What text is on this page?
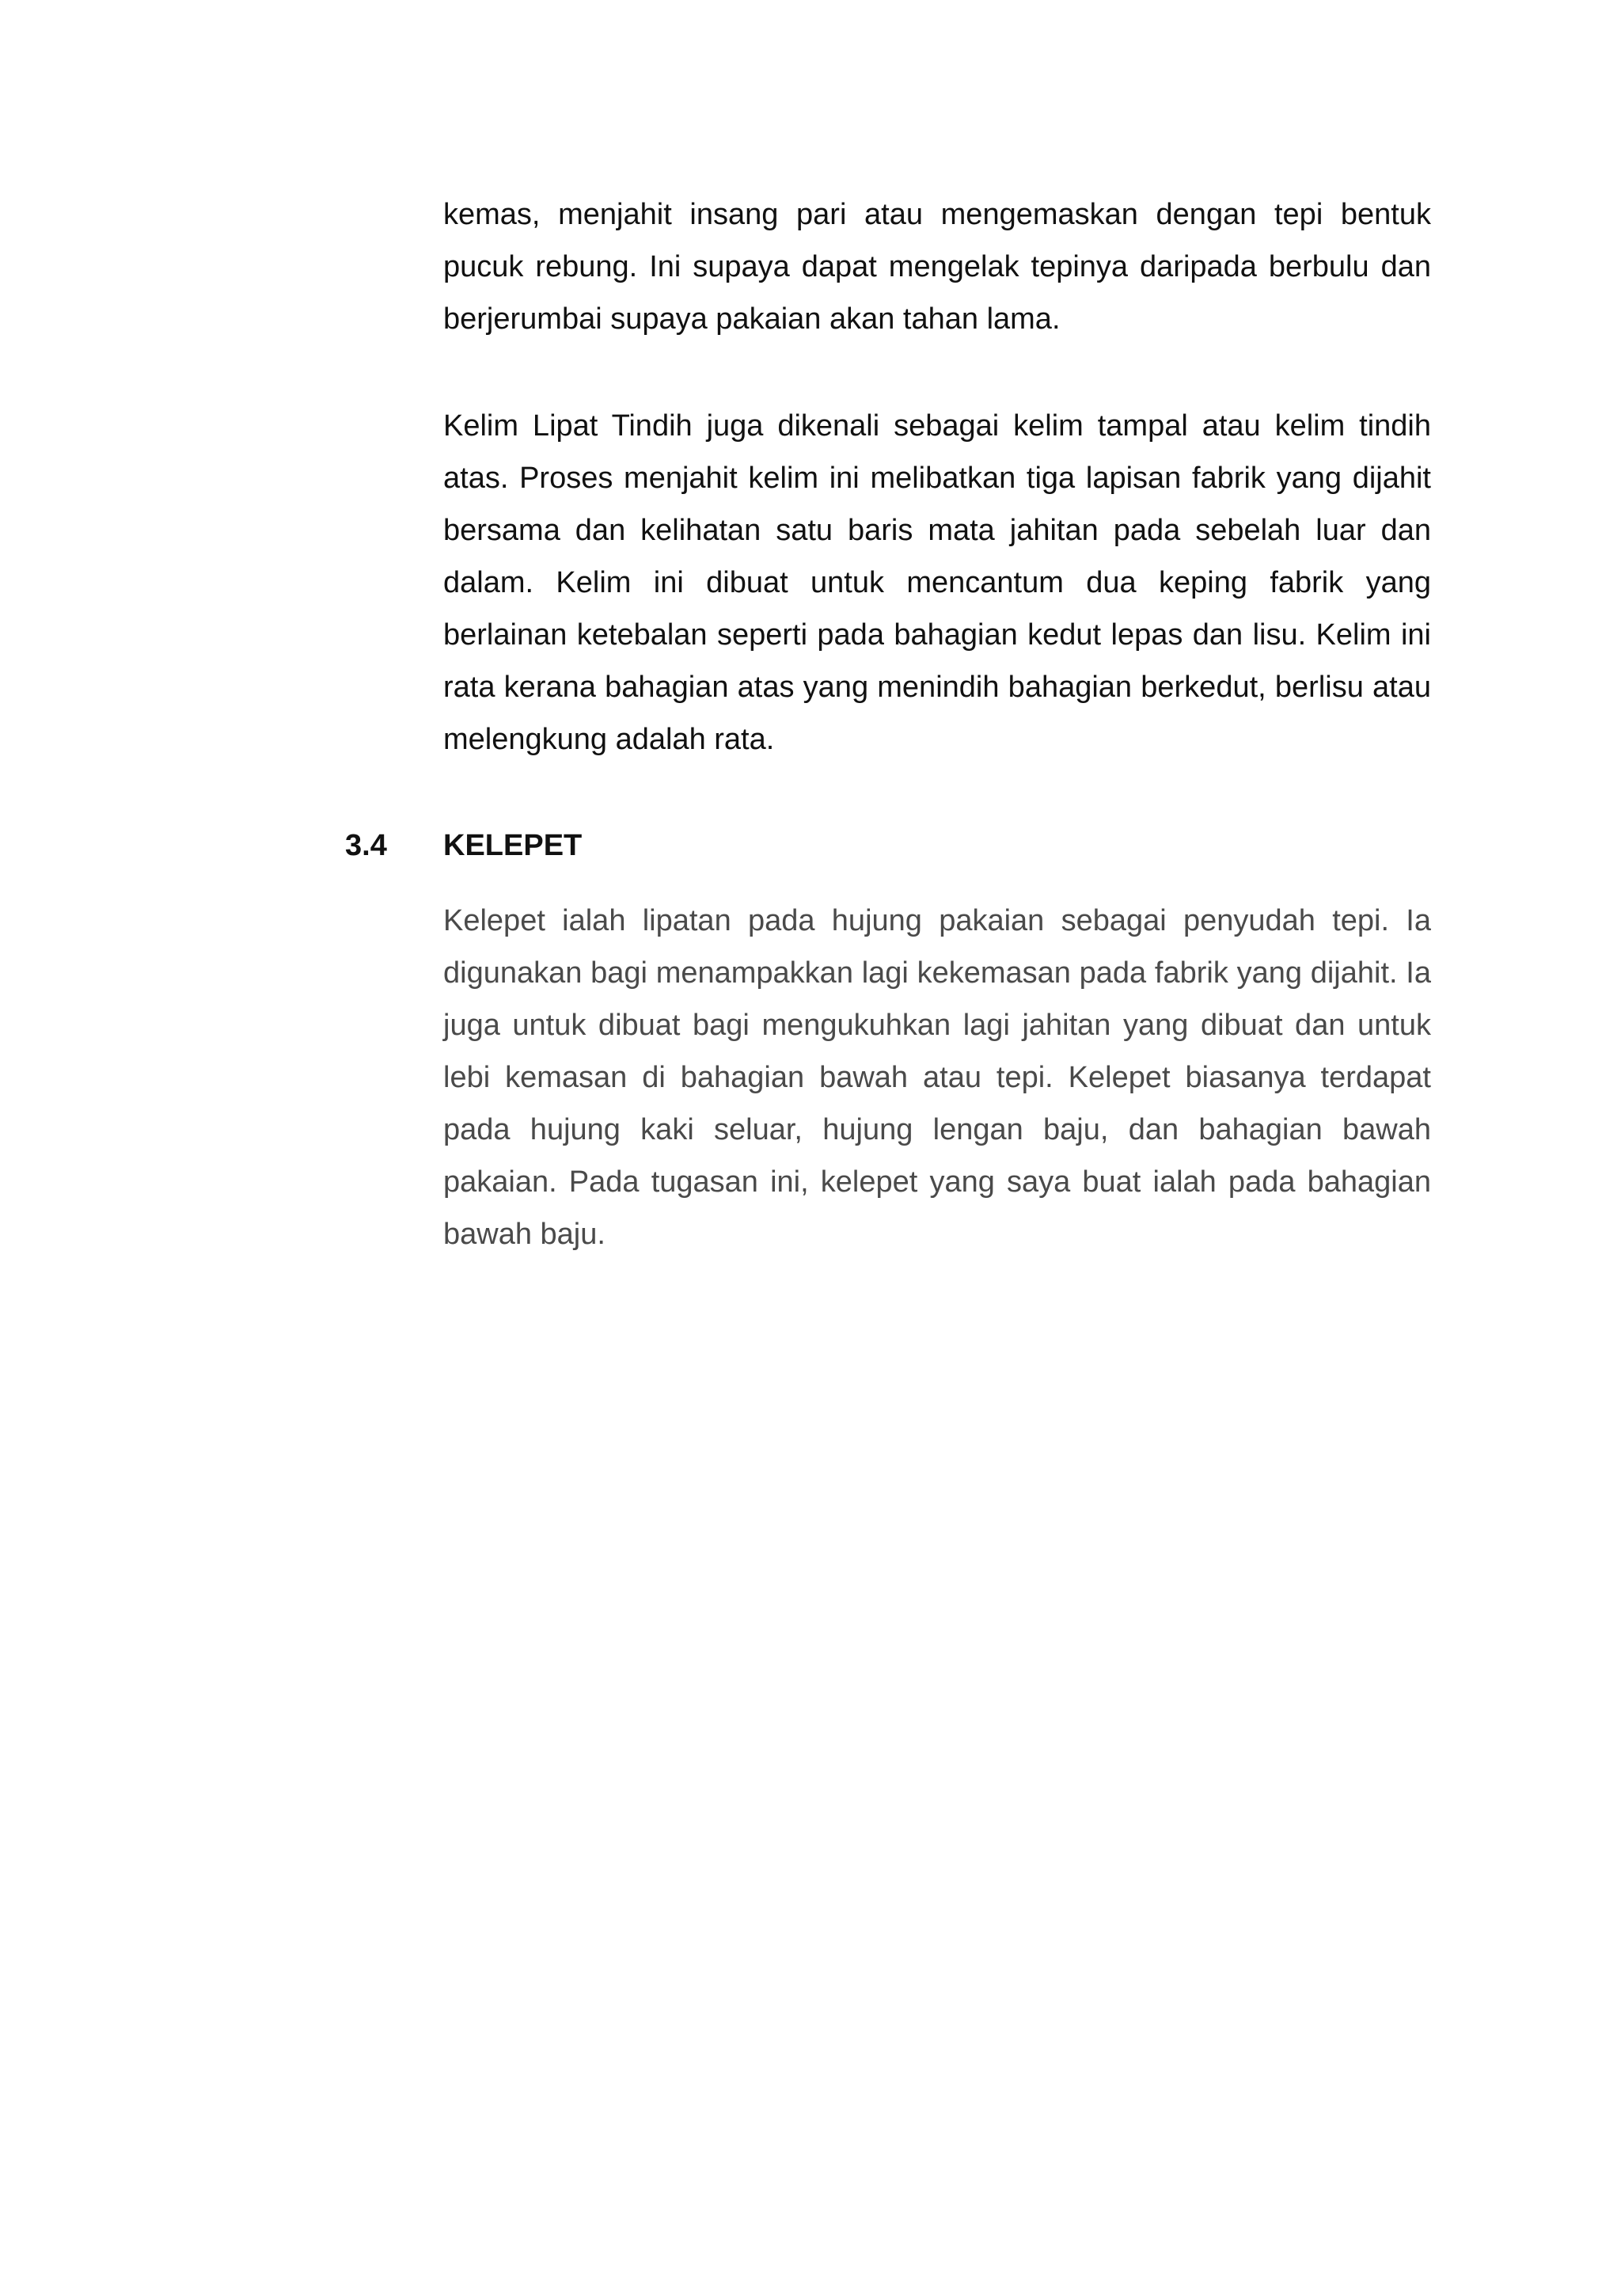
kemas, menjahit insang pari atau mengemaskan dengan tepi bentuk pucuk rebung. Ini supaya dapat mengelak tepinya daripada berbulu dan berjerumbai supaya pakaian akan tahan lama.

Kelim Lipat Tindih juga dikenali sebagai kelim tampal atau kelim tindih atas. Proses menjahit kelim ini melibatkan tiga lapisan fabrik yang dijahit bersama dan kelihatan satu baris mata jahitan pada sebelah luar dan dalam. Kelim ini dibuat untuk mencantum dua keping fabrik yang berlainan ketebalan seperti pada bahagian kedut lepas dan lisu. Kelim ini rata kerana bahagian atas yang menindih bahagian berkedut, berlisu atau melengkung adalah rata.

3.4 KELEPET

Kelepet ialah lipatan pada hujung pakaian sebagai penyudah tepi. Ia digunakan bagi menampakkan lagi kekemasan pada fabrik yang dijahit. Ia juga untuk dibuat bagi mengukuhkan lagi jahitan yang dibuat dan untuk lebi kemasan di bahagian bawah atau tepi. Kelepet biasanya terdapat pada hujung kaki seluar, hujung lengan baju, dan bahagian bawah pakaian. Pada tugasan ini, kelepet yang saya buat ialah pada bahagian bawah baju.
